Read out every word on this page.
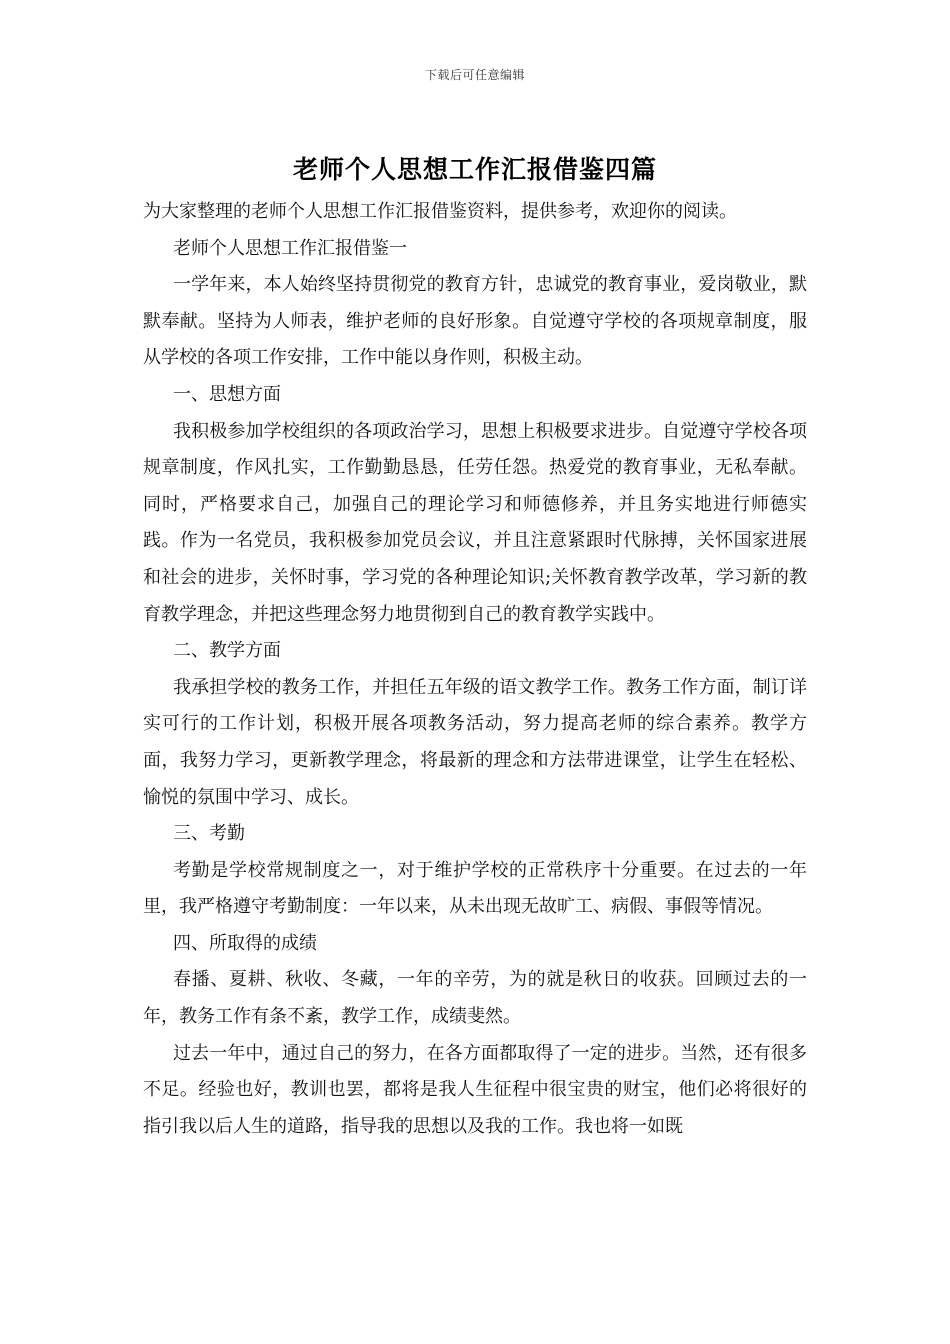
下载后可任意编辑
老师个人思想工作汇报借鉴四篇

为大家整理的老师个人思想工作汇报借鉴资料，提供参考，欢迎你的阅读。

老师个人思想工作汇报借鉴一

一学年来，本人始终坚持贯彻党的教育方针，忠诚党的教育事业，爱岗敬业，默默奉献。坚持为人师表，维护老师的良好形象。自觉遵守学校的各项规章制度，服从学校的各项工作安排，工作中能以身作则，积极主动。

一、思想方面

我积极参加学校组织的各项政治学习，思想上积极要求进步。自觉遵守学校各项规章制度，作风扎实，工作勤勤恳恳，任劳任怨。热爱党的教育事业，无私奉献。同时，严格要求自己，加强自己的理论学习和师德修养，并且务实地进行师德实践。作为一名党员，我积极参加党员会议，并且注意紧跟时代脉搏，关怀国家进展和社会的进步，关怀时事，学习党的各种理论知识;关怀教育教学改革，学习新的教育教学理念，并把这些理念努力地贯彻到自己的教育教学实践中。

二、教学方面

我承担学校的教务工作，并担任五年级的语文教学工作。教务工作方面，制订详实可行的工作计划，积极开展各项教务活动，努力提高老师的综合素养。教学方面，我努力学习，更新教学理念，将最新的理念和方法带进课堂，让学生在轻松、愉悦的氛围中学习、成长。

三、考勤

考勤是学校常规制度之一，对于维护学校的正常秩序十分重要。在过去的一年里，我严格遵守考勤制度：一年以来，从未出现无故旷工、病假、事假等情况。

四、所取得的成绩

春播、夏耕、秋收、冬藏，一年的辛劳，为的就是秋日的收获。回顾过去的一年，教务工作有条不紊，教学工作，成绩斐然。

过去一年中，通过自己的努力，在各方面都取得了一定的进步。当然，还有很多不足。经验也好，教训也罢，都将是我人生征程中很宝贵的财宝，他们必将很好的指引我以后人生的道路，指导我的思想以及我的工作。我也将一如既
